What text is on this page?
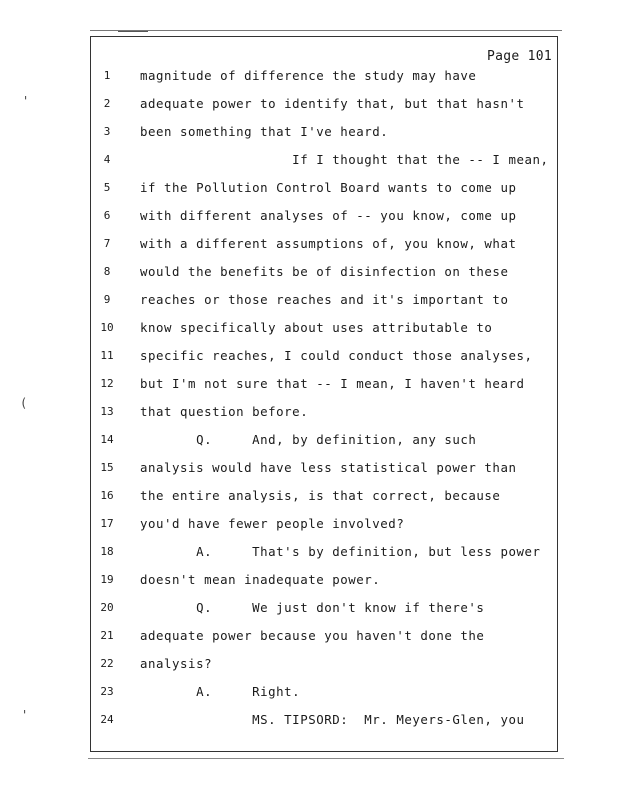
'
(
'
Page 101
1	magnitude of difference the study may have
2	adequate power to identify that, but that hasn't
3	been something that I've heard.
4	If I thought that the -- I mean,
5	if the Pollution Control Board wants to come up
6	with different analyses of -- you know, come up
7	with a different assumptions of, you know, what
8	would the benefits be of disinfection on these
9	reaches or those reaches and it's important to
10	know specifically about uses attributable to
11	specific reaches, I could conduct those analyses,
12	but I'm not sure that -- I mean, I haven't heard
13	that question before.
14	Q.     And, by definition, any such
15	analysis would have less statistical power than
16	the entire analysis, is that correct, because
17	you'd have fewer people involved?
18	A.     That's by definition, but less power
19	doesn't mean inadequate power.
20	Q.     We just don't know if there's
21	adequate power because you haven't done the
22	analysis?
23	A.     Right.
24	MS. TIPSORD:  Mr. Meyers-Glen, you
